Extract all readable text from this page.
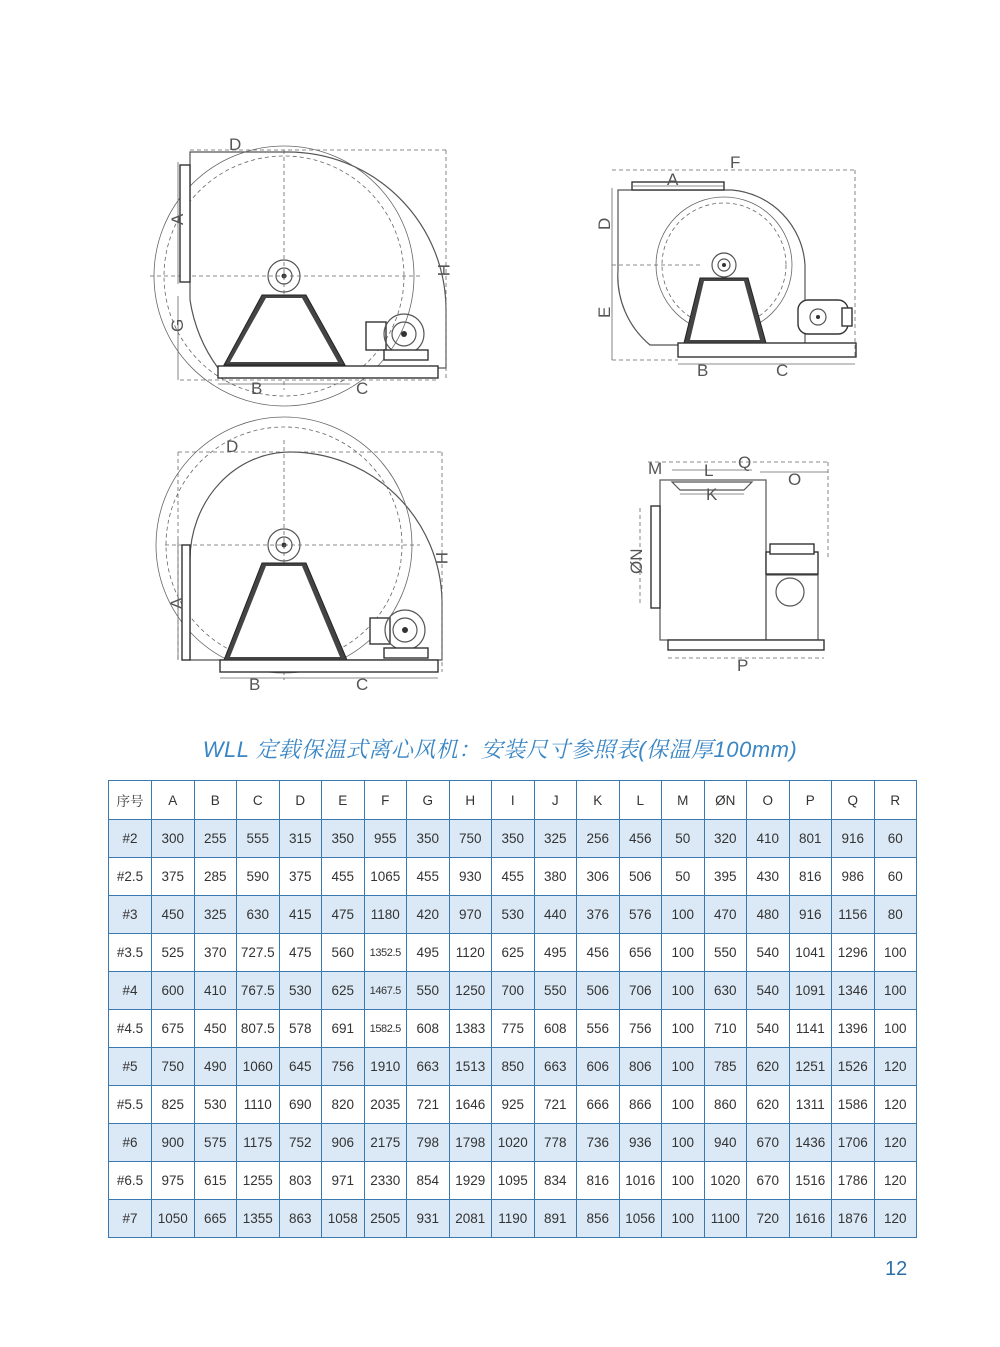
D
A
G
H
B	C
F
A
D
E
B	C
D
A
H
B	C
M L Q
O
K
ØN
P
WLL 定载保温式离心风机：安装尺寸参照表(保温厚100mm)
序号	A	B	C	D	E	F	G	H	I	J	K	L	M	ØN	O	P	Q	R
#2	300	255	555	315	350	955	350	750	350	325	256	456	50	320	410	801	916	60
#2.5	375	285	590	375	455	1065	455	930	455	380	306	506	50	395	430	816	986	60
#3	450	325	630	415	475	1180	420	970	530	440	376	576	100	470	480	916	1156	80
#3.5	525	370	727.5	475	560	1352.5	495	1120	625	495	456	656	100	550	540	1041	1296	100
#4	600	410	767.5	530	625	1467.5	550	1250	700	550	506	706	100	630	540	1091	1346	100
#4.5	675	450	807.5	578	691	1582.5	608	1383	775	608	556	756	100	710	540	1141	1396	100
#5	750	490	1060	645	756	1910	663	1513	850	663	606	806	100	785	620	1251	1526	120
#5.5	825	530	1110	690	820	2035	721	1646	925	721	666	866	100	860	620	1311	1586	120
#6	900	575	1175	752	906	2175	798	1798	1020	778	736	936	100	940	670	1436	1706	120
#6.5	975	615	1255	803	971	2330	854	1929	1095	834	816	1016	100	1020	670	1516	1786	120
#7	1050	665	1355	863	1058	2505	931	2081	1190	891	856	1056	100	1100	720	1616	1876	120
12
